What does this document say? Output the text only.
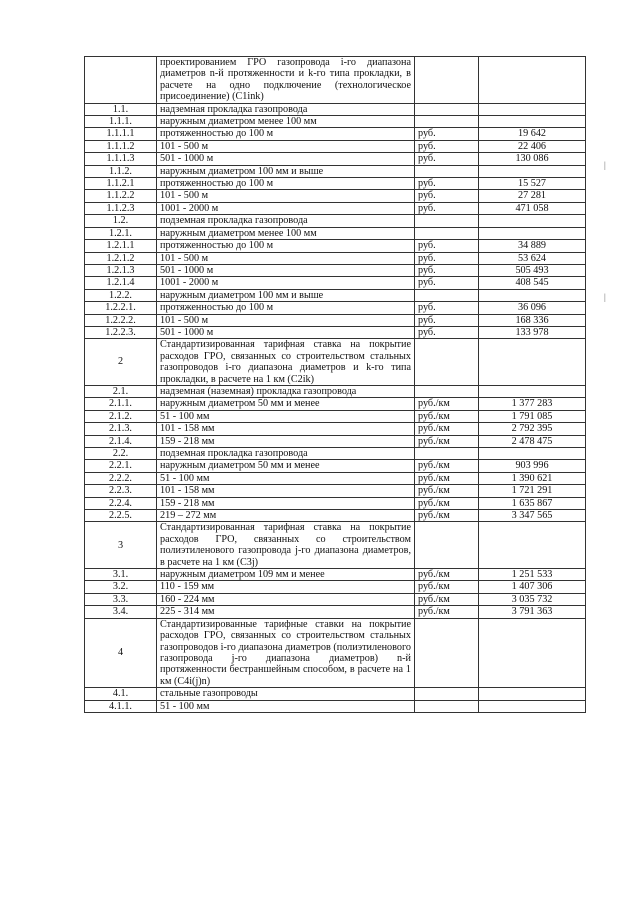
	проектированием ГРО газопровода i-го диапазона диаметров n-й протяженности и k-го типа прокладки, в расчете на одно подключение (технологическое присоединение) (C1ink)		
1.1.	надземная прокладка газопровода		
1.1.1.	наружным диаметром менее 100 мм		
1.1.1.1	протяженностью до 100 м	руб.	19 642
1.1.1.2	101 - 500 м	руб.	22 406
1.1.1.3	501 - 1000 м	руб.	130 086
1.1.2.	наружным диаметром 100 мм и выше		
1.1.2.1	протяженностью до 100 м	руб.	15 527
1.1.2.2	101 - 500 м	руб.	27 281
1.1.2.3	1001 - 2000 м	руб.	471 058
1.2.	подземная прокладка газопровода		
1.2.1.	наружным диаметром менее 100 мм		
1.2.1.1	протяженностью до 100 м	руб.	34 889
1.2.1.2	101 - 500 м	руб.	53 624
1.2.1.3	501 - 1000 м	руб.	505 493
1.2.1.4	1001 - 2000 м	руб.	408 545
1.2.2.	наружным диаметром 100 мм и выше		
1.2.2.1.	протяженностью до 100 м	руб.	36 096
1.2.2.2.	101 - 500 м	руб.	168 336
1.2.2.3.	501 - 1000 м	руб.	133 978
2	Стандартизированная тарифная ставка на покрытие расходов ГРО, связанных со строительством стальных газопроводов i-го диапазона диаметров и k-го типа прокладки, в расчете на 1 км (C2ik)		
2.1.	надземная (наземная) прокладка газопровода		
2.1.1.	наружным диаметром 50 мм и менее	руб./км	1 377 283
2.1.2.	51 - 100 мм	руб./км	1 791 085
2.1.3.	101 - 158 мм	руб./км	2 792 395
2.1.4.	159 - 218 мм	руб./км	2 478 475
2.2.	подземная прокладка газопровода		
2.2.1.	наружным диаметром 50 мм и менее	руб./км	903 996
2.2.2.	51 - 100 мм	руб./км	1 390 621
2.2.3.	101 - 158 мм	руб./км	1 721 291
2.2.4.	159 - 218 мм	руб./км	1 635 867
2.2.5.	219 – 272 мм	руб./км	3 347 565
3	Стандартизированная тарифная ставка на покрытие расходов ГРО, связанных со строительством полиэтиленового газопровода j-го диапазона диаметров, в расчете на 1 км (C3j)		
3.1.	наружным диаметром 109 мм и менее	руб./км	1 251 533
3.2.	110 - 159 мм	руб./км	1 407 306
3.3.	160 - 224 мм	руб./км	3 035 732
3.4.	225 - 314 мм	руб./км	3 791 363
4	Стандартизированные тарифные ставки на покрытие расходов ГРО, связанных со строительством стальных газопроводов i-го диапазона диаметров (полиэтиленового газопровода j-го диапазона диаметров) n-й протяженности бестраншейным способом, в расчете на 1 км (C4i(j)n)		
4.1.	стальные газопроводы		
4.1.1.	51 - 100 мм		
|
|
